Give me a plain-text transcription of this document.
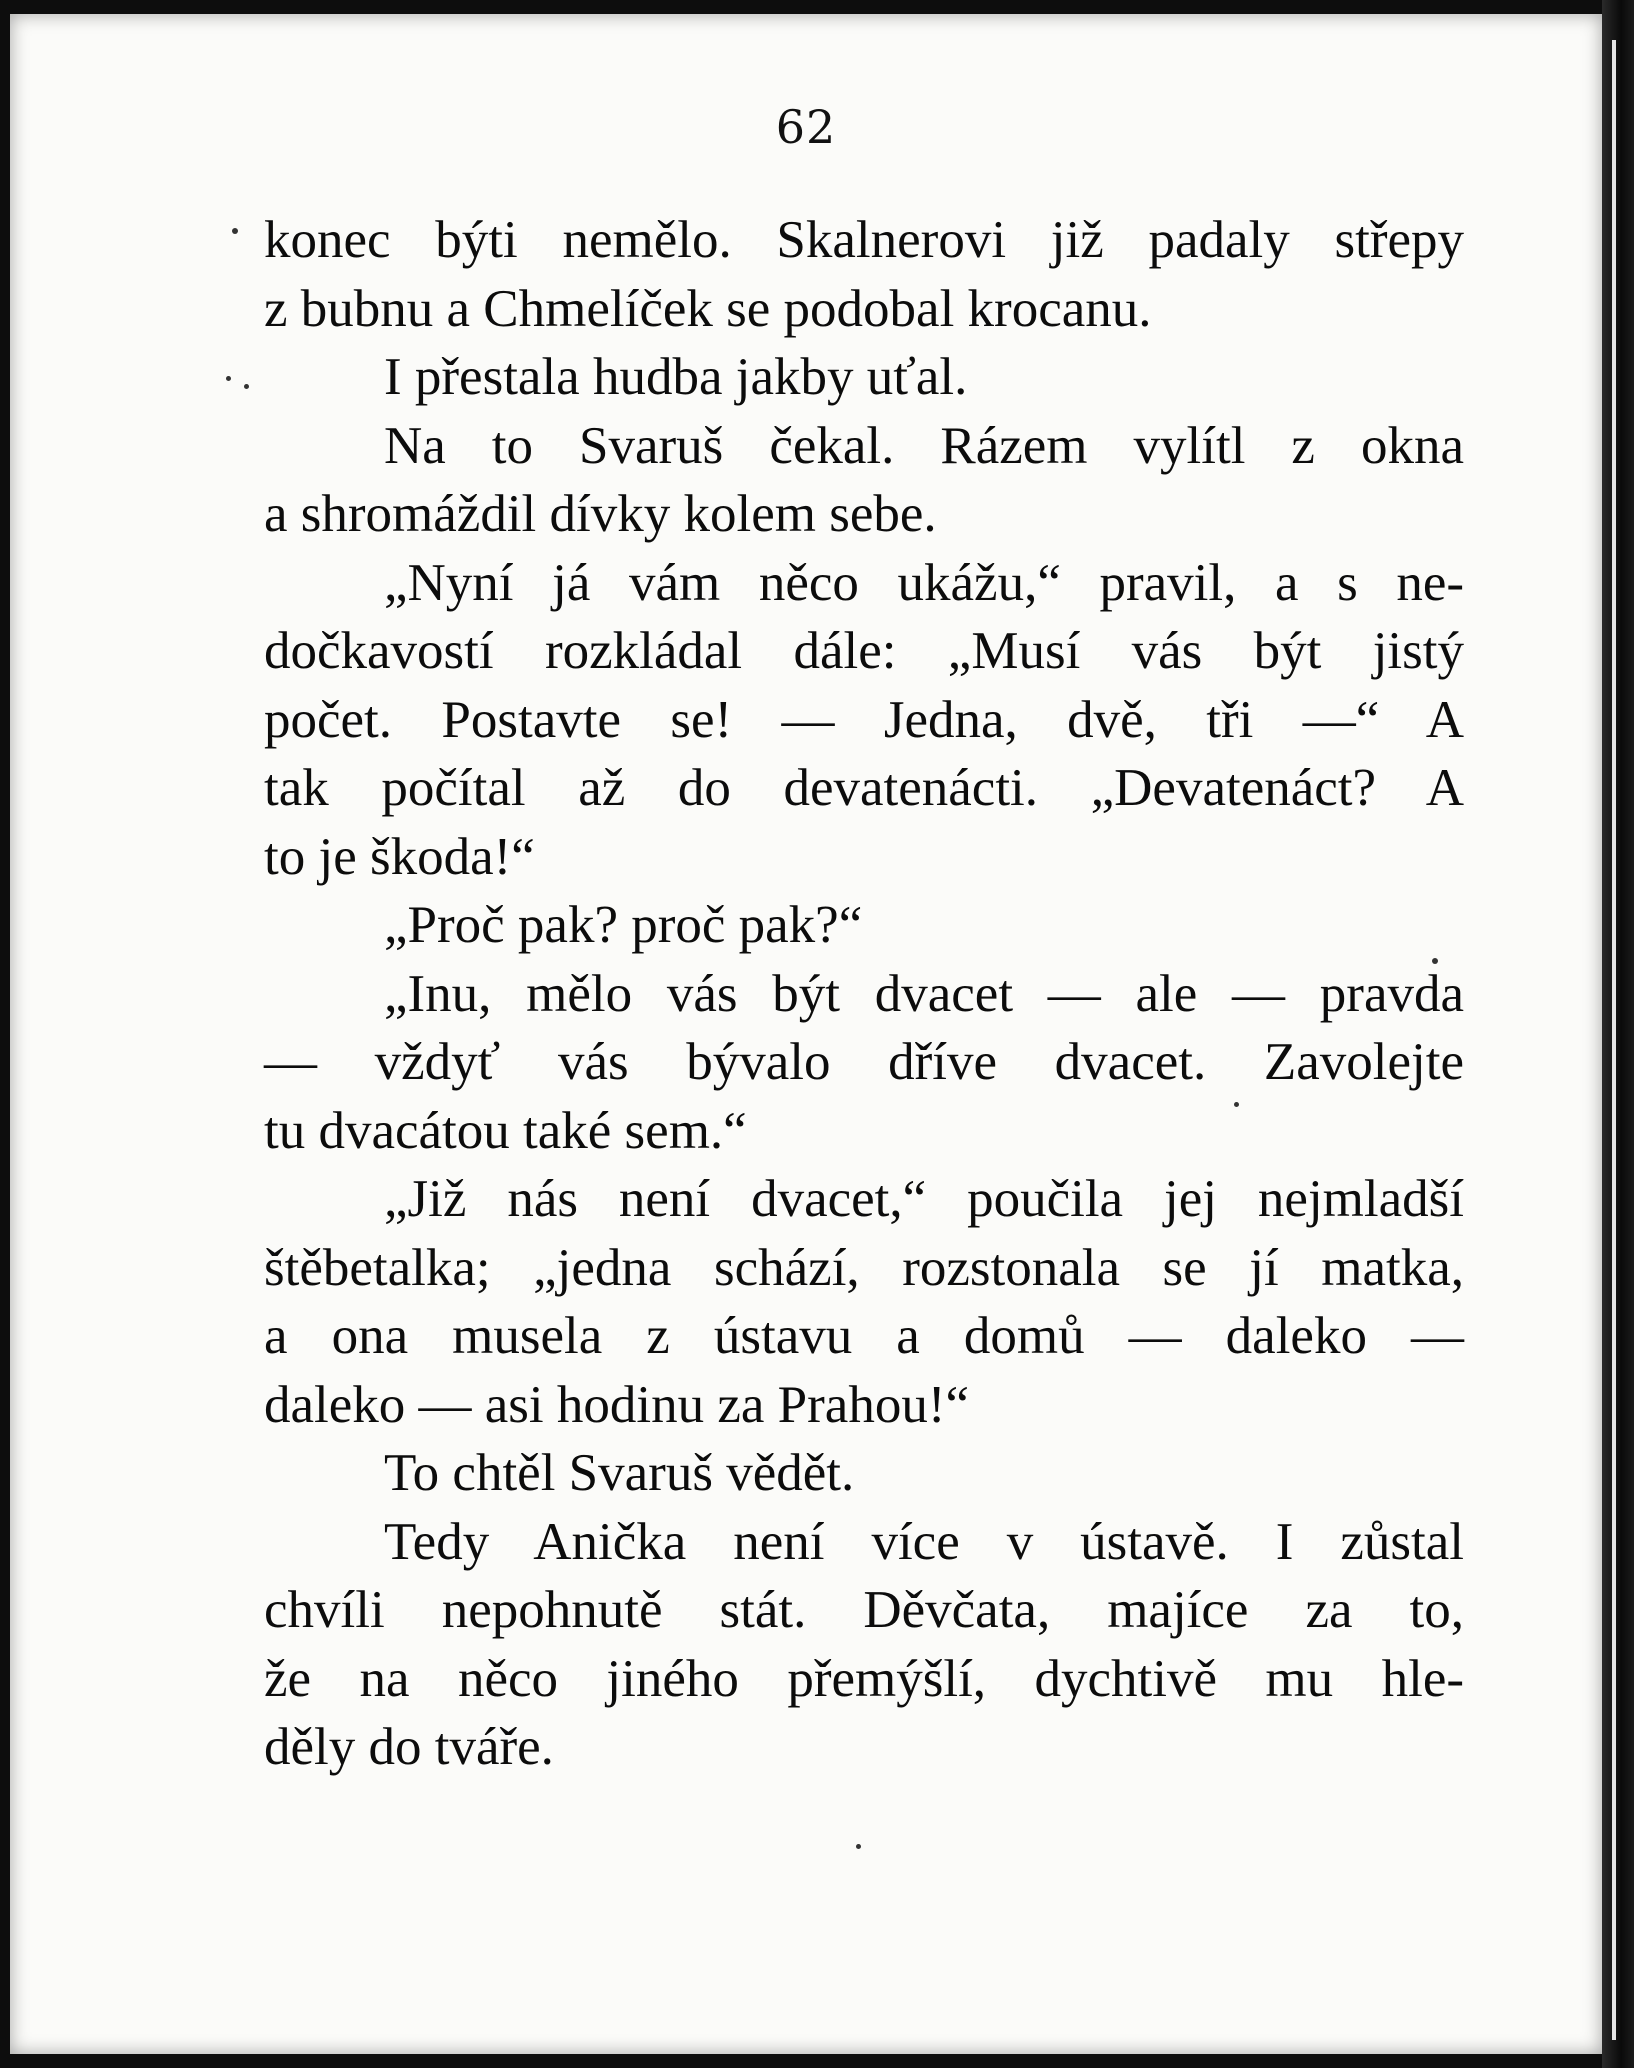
62
konec býti nemělo. Skalnerovi již padaly střepy
z bubnu a Chmelíček se podobal krocanu.
I přestala hudba jakby uťal.
Na to Svaruš čekal. Rázem vylítl z okna
a shromáždil dívky kolem sebe.
„Nyní já vám něco ukážu,“ pravil, a s ne-
dočkavostí rozkládal dále: „Musí vás být jistý
počet. Postavte se! — Jedna, dvě, tři —“ A
tak počítal až do devatenácti. „Devatenáct? A
to je škoda!“
„Proč pak? proč pak?“
„Inu, mělo vás být dvacet — ale — pravda
— vždyť vás bývalo dříve dvacet. Zavolejte
tu dvacátou také sem.“
„Již nás není dvacet,“ poučila jej nejmladší
štěbetalka; „jedna schází, rozstonala se jí matka,
a ona musela z ústavu a domů — daleko —
daleko — asi hodinu za Prahou!“
To chtěl Svaruš vědět.
Tedy Anička není více v ústavě. I zůstal
chvíli nepohnutě stát. Děvčata, majíce za to,
že na něco jiného přemýšlí, dychtivě mu hle-
děly do tváře.
